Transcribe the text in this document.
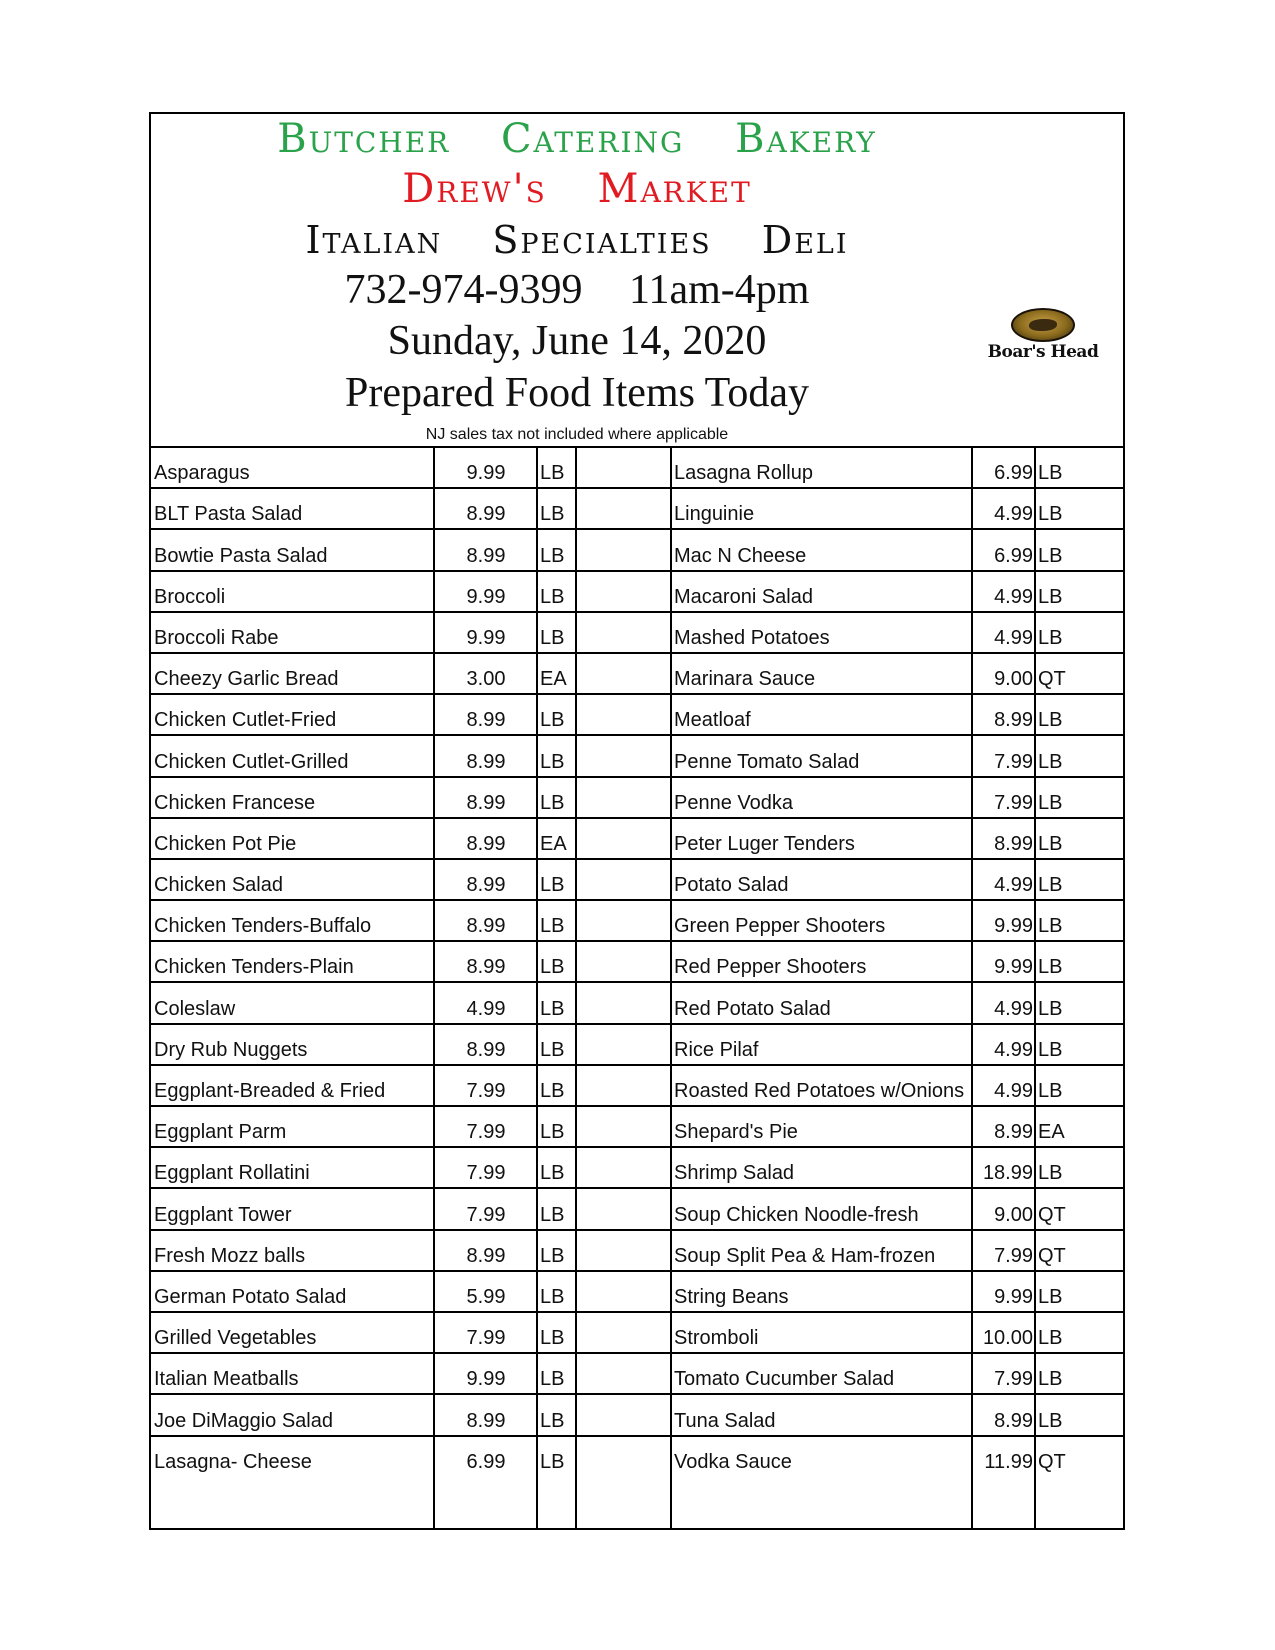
Butcher Catering Bakery
Drew's Market
Italian Specialties Deli
732-974-9399 11am-4pm
Sunday, June 14, 2020
Prepared Food Items Today
NJ sales tax not included where applicable
Boar's Head
Asparagus	9.99	LB	Lasagna Rollup	6.99 LB
BLT Pasta Salad	8.99	LB	Linguinie	4.99 LB
Bowtie Pasta Salad	8.99	LB	Mac N Cheese	6.99 LB
Broccoli	9.99	LB	Macaroni Salad	4.99 LB
Broccoli Rabe	9.99	LB	Mashed Potatoes	4.99 LB
Cheezy Garlic Bread	3.00	EA	Marinara Sauce	9.00 QT
Chicken Cutlet-Fried	8.99	LB	Meatloaf	8.99 LB
Chicken Cutlet-Grilled	8.99	LB	Penne Tomato Salad	7.99 LB
Chicken Francese	8.99	LB	Penne Vodka	7.99 LB
Chicken Pot Pie	8.99	EA	Peter Luger Tenders	8.99 LB
Chicken Salad	8.99	LB	Potato Salad	4.99 LB
Chicken Tenders-Buffalo	8.99	LB	Green Pepper Shooters	9.99 LB
Chicken Tenders-Plain	8.99	LB	Red Pepper Shooters	9.99 LB
Coleslaw	4.99	LB	Red Potato Salad	4.99 LB
Dry Rub Nuggets	8.99	LB	Rice Pilaf	4.99 LB
Eggplant-Breaded & Fried	7.99	LB	Roasted Red Potatoes w/Onions	4.99 LB
Eggplant Parm	7.99	LB	Shepard's Pie	8.99 EA
Eggplant Rollatini	7.99	LB	Shrimp Salad	18.99 LB
Eggplant Tower	7.99	LB	Soup Chicken Noodle-fresh	9.00 QT
Fresh Mozz balls	8.99	LB	Soup Split Pea & Ham-frozen	7.99 QT
German Potato Salad	5.99	LB	String Beans	9.99 LB
Grilled Vegetables	7.99	LB	Stromboli	10.00 LB
Italian Meatballs	9.99	LB	Tomato Cucumber Salad	7.99 LB
Joe DiMaggio Salad	8.99	LB	Tuna Salad	8.99 LB
Lasagna- Cheese	6.99	LB	Vodka Sauce	11.99 QT
